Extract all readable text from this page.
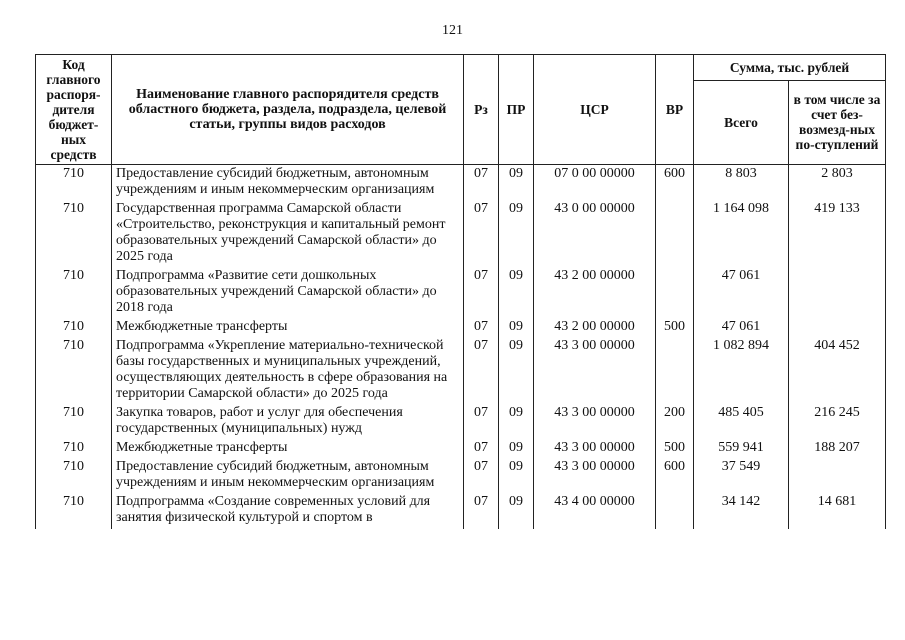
121
Код главного распоря-дителя бюджет-ных средств	Наименование главного распорядителя средств областного бюджета, раздела, подраздела, целевой статьи, группы видов расходов	Рз	ПР	ЦСР	ВР	Сумма, тыс. рублей	
						Всего	в том числе за счет без-возмезд-ных по-ступлений
710	Предоставление субсидий бюджетным, автономным учреждениям и иным некоммерческим организациям	07	09	07 0 00 00000	600	8 803	2 803
710	Государственная программа Самарской области «Строительство, реконструкция и капитальный ремонт образовательных учреждений Самарской области» до 2025 года	07	09	43 0 00 00000		1 164 098	419 133
710	Подпрограмма «Развитие сети дошкольных образовательных учреждений Самарской области» до 2018 года	07	09	43 2 00 00000		47 061	
710	Межбюджетные трансферты	07	09	43 2 00 00000	500	47 061	
710	Подпрограмма «Укрепление материально-технической базы государственных и муниципальных учреждений, осуществляющих деятельность в сфере образования на территории Самарской области» до 2025 года	07	09	43 3 00 00000		1 082 894	404 452
710	Закупка товаров, работ и услуг для обеспечения государственных (муниципальных) нужд	07	09	43 3 00 00000	200	485 405	216 245
710	Межбюджетные трансферты	07	09	43 3 00 00000	500	559 941	188 207
710	Предоставление субсидий бюджетным, автономным учреждениям и иным некоммерческим организациям	07	09	43 3 00 00000	600	37 549	
710	Подпрограмма «Создание современных условий для занятия физической культурой и спортом в	07	09	43 4 00 00000		34 142	14 681
